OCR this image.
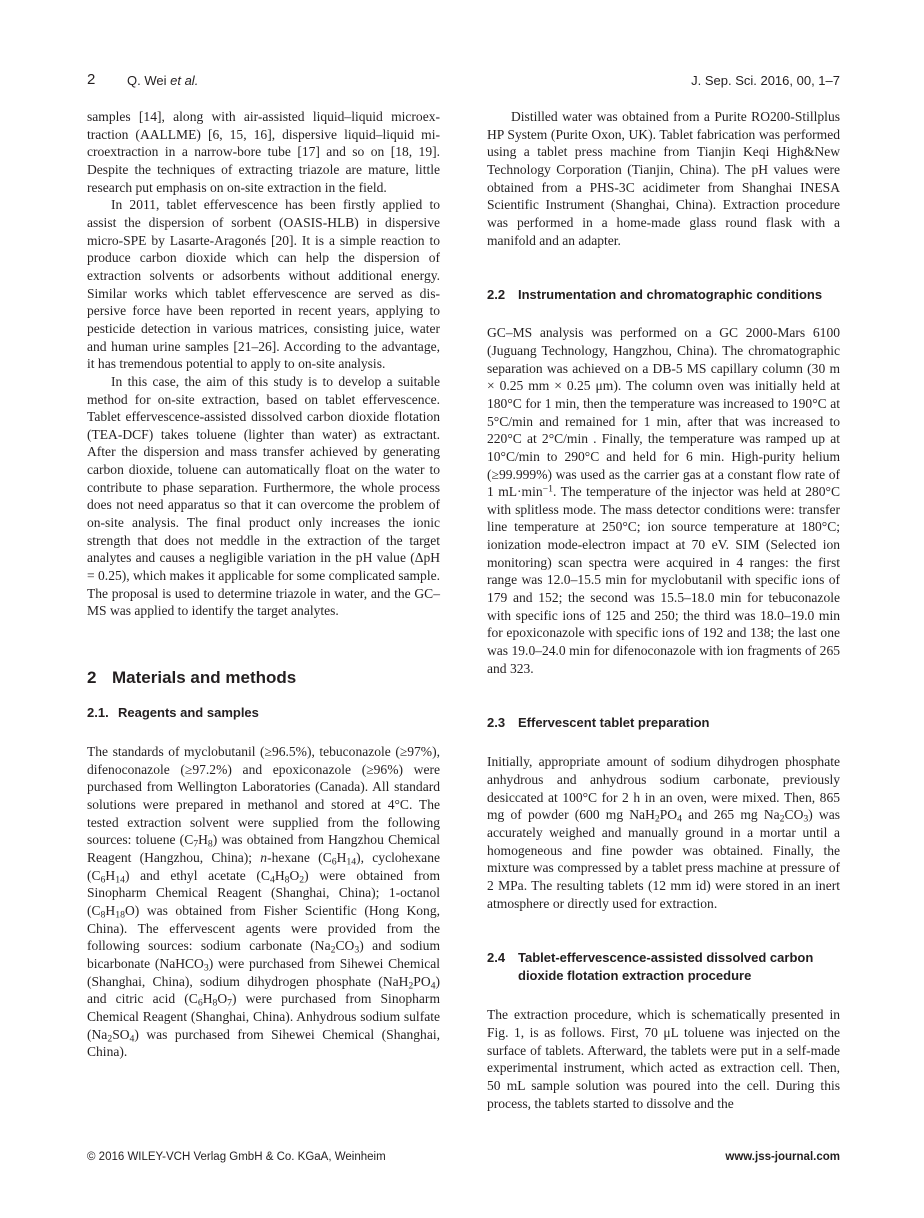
2 Q. Wei et al.	J. Sep. Sci. 2016, 00, 1–7

samples [14], along with air-assisted liquid–liquid microextraction (AALLME) [6, 15, 16], dispersive liquid–liquid microextraction in a narrow-bore tube [17] and so on [18, 19]. Despite the techniques of extracting triazole are mature, little research put emphasis on on-site extraction in the field.

In 2011, tablet effervescence has been firstly applied to assist the dispersion of sorbent (OASIS-HLB) in dispersive micro-SPE by Lasarte-Aragonés [20]. It is a simple reaction to produce carbon dioxide which can help the dispersion of extraction solvents or adsorbents without additional energy. Similar works which tablet effervescence are served as dispersive force have been reported in recent years, applying to pesticide detection in various matrices, consisting juice, water and human urine samples [21–26]. According to the advantage, it has tremendous potential to apply to on-site analysis.

In this case, the aim of this study is to develop a suitable method for on-site extraction, based on tablet effervescence. Tablet effervescence-assisted dissolved carbon dioxide flotation (TEA-DCF) takes toluene (lighter than water) as extractant. After the dispersion and mass transfer achieved by generating carbon dioxide, toluene can automatically float on the water to contribute to phase separation. Furthermore, the whole process does not need apparatus so that it can overcome the problem of on-site analysis. The final product only increases the ionic strength that does not meddle in the extraction of the target analytes and causes a negligible variation in the pH value (ΔpH = 0.25), which makes it applicable for some complicated sample. The proposal is used to determine triazole in water, and the GC–MS was applied to identify the target analytes.

2 Materials and methods
2.1. Reagents and samples

The standards of myclobutanil (≥96.5%), tebuconazole (≥97%), difenoconazole (≥97.2%) and epoxiconazole (≥96%) were purchased from Wellington Laboratories (Canada). All standard solutions were prepared in methanol and stored at 4°C. The tested extraction solvent were supplied from the following sources: toluene $(C_7H_8)$ was obtained from Hangzhou Chemical Reagent (Hangzhou, China); n-hexane $(C_6H_{14})$, cyclohexane $(C_6H_{14})$ and ethyl acetate $(C_4H_8O_2)$ were obtained from Sinopharm Chemical Reagent (Shanghai, China); 1-octanol $(C_8H_{18}O)$ was obtained from Fisher Scientific (Hong Kong, China). The effervescent agents were provided from the following sources: sodium carbonate $(Na_2CO_3)$ and sodium bicarbonate (NaHCO$_3$) were purchased from Sihewei Chemical (Shanghai, China), sodium dihydrogen phosphate $(NaH_2PO_4)$ and citric acid $(C_6H_8O_7)$ were purchased from Sinopharm Chemical Reagent (Shanghai, China). Anhydrous sodium sulfate $(Na_2SO_4)$ was purchased from Sihewei Chemical (Shanghai, China).

Distilled water was obtained from a Purite RO200-Stillplus HP System (Purite Oxon, UK). Tablet fabrication was performed using a tablet press machine from Tianjin Keqi High&New Technology Corporation (Tianjin, China). The pH values were obtained from a PHS-3C acidimeter from Shanghai INESA Scientific Instrument (Shanghai, China). Extraction procedure was performed in a home-made glass round flask with a manifold and an adapter.

2.2 Instrumentation and chromatographic conditions

GC–MS analysis was performed on a GC 2000-Mars 6100 (Juguang Technology, Hangzhou, China). The chromatographic separation was achieved on a DB-5 MS capillary column (30 m × 0.25 mm × 0.25 μm). The column oven was initially held at 180°C for 1 min, then the temperature was increased to 190°C at 5°C/min and remained for 1 min, after that was increased to 220°C at 2°C/min . Finally, the temperature was ramped up at 10°C/min to 290°C and held for 6 min. High-purity helium (≥99.999%) was used as the carrier gas at a constant flow rate of 1 $mL\cdot\min^{-1}$. The temperature of the injector was held at 280°C with splitless mode. The mass detector conditions were: transfer line temperature at 250°C; ion source temperature at 180°C; ionization mode-electron impact at 70 eV. SIM (Selected ion monitoring) scan spectra were acquired in 4 ranges: the first range was 12.0–15.5 min for myclobutanil with specific ions of 179 and 152; the second was 15.5–18.0 min for tebuconazole with specific ions of 125 and 250; the third was 18.0–19.0 min for epoxiconazole with specific ions of 192 and 138; the last one was 19.0–24.0 min for difenoconazole with ion fragments of 265 and 323.

2.3 Effervescent tablet preparation

Initially, appropriate amount of sodium dihydrogen phosphate anhydrous and anhydrous sodium carbonate, previously desiccated at 100°C for 2 h in an oven, were mixed. Then, 865 mg of powder (600 mg $NaH_2PO_4$ and 265 mg $Na_2CO_3$) was accurately weighed and manually ground in a mortar until a homogeneous and fine powder was obtained. Finally, the mixture was compressed by a tablet press machine at pressure of 2 MPa. The resulting tablets (12 mm id) were stored in an inert atmosphere or directly used for extraction.

2.4 Tablet-effervescence-assisted dissolved carbon dioxide flotation extraction procedure

The extraction procedure, which is schematically presented in Fig. 1, is as follows. First, 70 μL toluene was injected on the surface of tablets. Afterward, the tablets were put in a self-made experimental instrument, which acted as extraction cell. Then, 50 mL sample solution was poured into the cell. During this process, the tablets started to dissolve and the

© 2016 WILEY-VCH Verlag GmbH & Co. KGaA, Weinheim	www.jss-journal.com
